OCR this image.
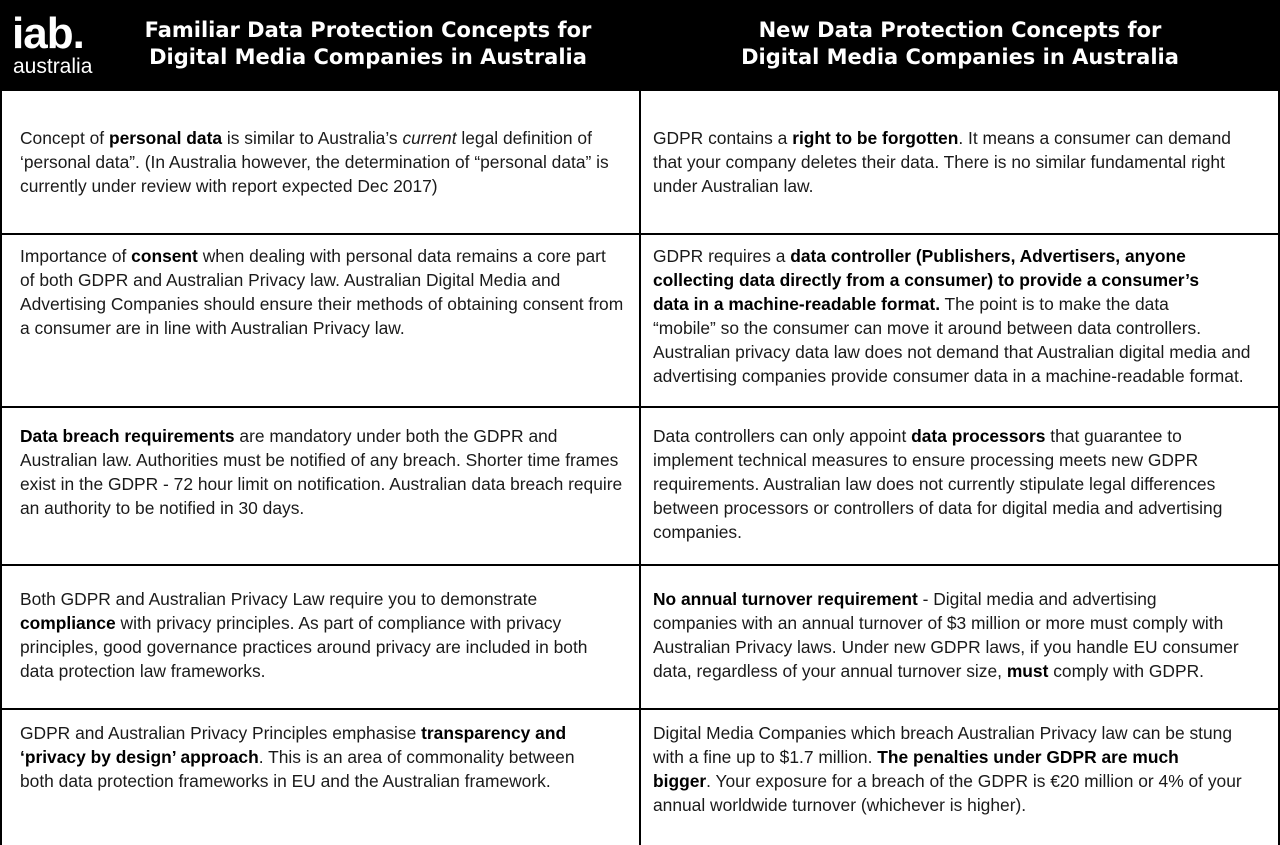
iab.
australia
Familiar Data Protection Concepts for
Digital Media Companies in Australia
New Data Protection Concepts for
Digital Media Companies in Australia
Concept of personal data is similar to Australia’s current legal definition of
‘personal data”. (In Australia however, the determination of “personal data” is
currently under review with report expected Dec 2017)
GDPR contains a right to be forgotten. It means a consumer can demand
that your company deletes their data. There is no similar fundamental right
under Australian law.
Importance of consent when dealing with personal data remains a core part
of both GDPR and Australian Privacy law. Australian Digital Media and
Advertising Companies should ensure their methods of obtaining consent from
a consumer are in line with Australian Privacy law.
GDPR requires a data controller (Publishers, Advertisers, anyone
collecting data directly from a consumer) to provide a consumer’s
data in a machine-readable format. The point is to make the data
“mobile” so the consumer can move it around between data controllers.
Australian privacy data law does not demand that Australian digital media and
advertising companies provide consumer data in a machine-readable format.
Data breach requirements are mandatory under both the GDPR and
Australian law. Authorities must be notified of any breach. Shorter time frames
exist in the GDPR - 72 hour limit on notification. Australian data breach require
an authority to be notified in 30 days.
Data controllers can only appoint data processors that guarantee to
implement technical measures to ensure processing meets new GDPR
requirements. Australian law does not currently stipulate legal differences
between processors or controllers of data for digital media and advertising
companies.
Both GDPR and Australian Privacy Law require you to demonstrate
compliance with privacy principles. As part of compliance with privacy
principles, good governance practices around privacy are included in both
data protection law frameworks.
No annual turnover requirement - Digital media and advertising
companies with an annual turnover of $3 million or more must comply with
Australian Privacy laws. Under new GDPR laws, if you handle EU consumer
data, regardless of your annual turnover size, must comply with GDPR.
GDPR and Australian Privacy Principles emphasise transparency and
‘privacy by design’ approach. This is an area of commonality between
both data protection frameworks in EU and the Australian framework.
Digital Media Companies which breach Australian Privacy law can be stung
with a fine up to $1.7 million. The penalties under GDPR are much
bigger. Your exposure for a breach of the GDPR is €20 million or 4% of your
annual worldwide turnover (whichever is higher).
